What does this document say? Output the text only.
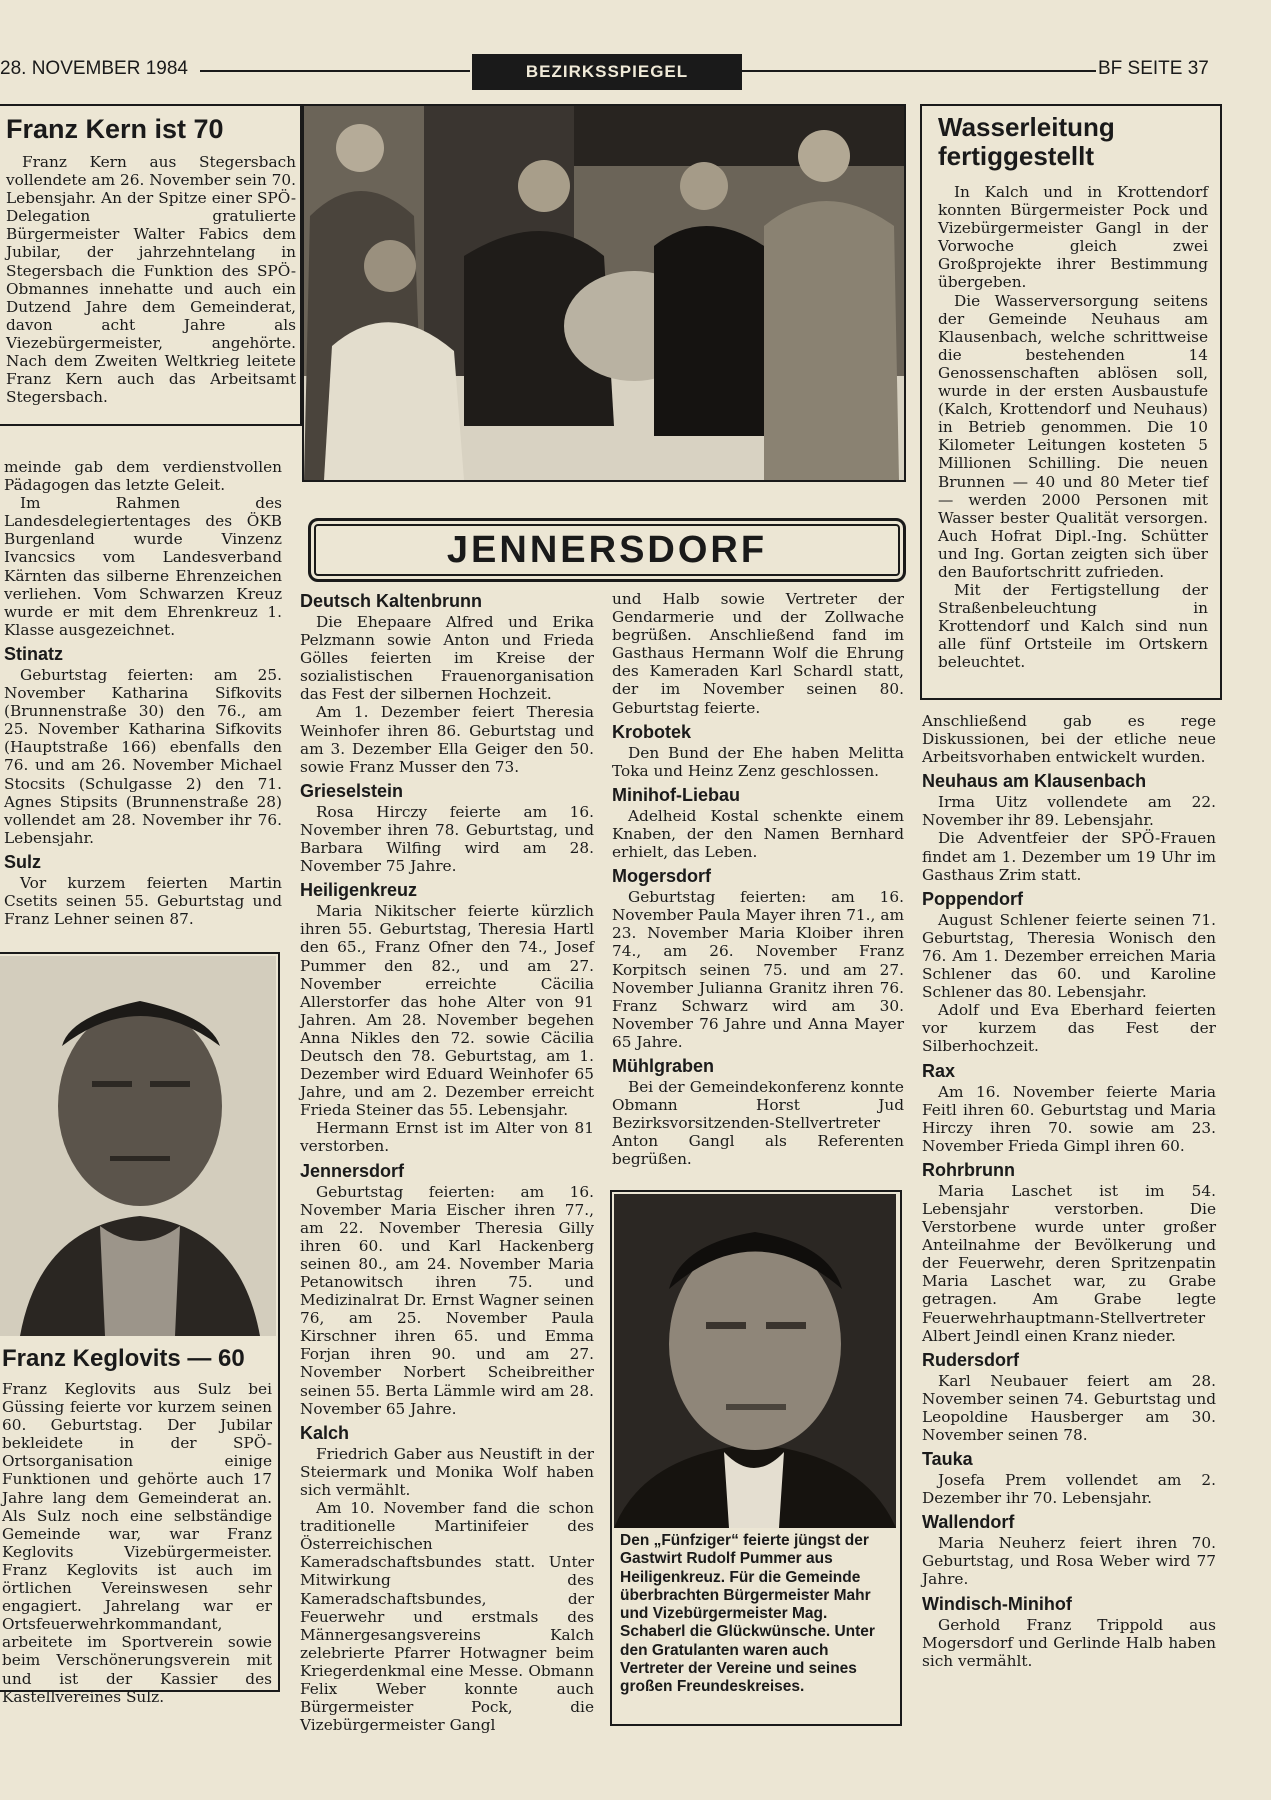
28. NOVEMBER 1984	BEZIRKSSPIEGEL	BF SEITE 37
Franz Kern ist 70

Franz Kern aus Stegersbach vollendete am 26. November sein 70. Lebensjahr. An der Spitze einer SPÖ-Delegation gratulierte Bürgermeister Walter Fabics dem Jubilar, der jahrzehntelang in Stegersbach die Funktion des SPÖ-Obmannes innehatte und auch ein Dutzend Jahre dem Gemeinderat, davon acht Jahre als Viezebürgermeister, angehörte. Nach dem Zweiten Weltkrieg leitete Franz Kern auch das Arbeitsamt Stegersbach.

Wasserleitung fertiggestellt

In Kalch und in Krottendorf konnten Bürgermeister Pock und Vizebürgermeister Gangl in der Vorwoche gleich zwei Großprojekte ihrer Bestimmung übergeben.

Die Wasserversorgung seitens der Gemeinde Neuhaus am Klausenbach, welche schrittweise die bestehenden 14 Genossenschaften ablösen soll, wurde in der ersten Ausbaustufe (Kalch, Krottendorf und Neuhaus) in Betrieb genommen. Die 10 Kilometer Leitungen kosteten 5 Millionen Schilling. Die neuen Brunnen — 40 und 80 Meter tief — werden 2000 Personen mit Wasser bester Qualität versorgen. Auch Hofrat Dipl.-Ing. Schütter und Ing. Gortan zeigten sich über den Baufortschritt zufrieden.

Mit der Fertigstellung der Straßenbeleuchtung in Krottendorf und Kalch sind nun alle fünf Ortsteile im Ortskern beleuchtet.

meinde gab dem verdienstvollen Pädagogen das letzte Geleit.

Im Rahmen des Landesdelegiertentages des ÖKB Burgenland wurde Vinzenz Ivancsics vom Landesverband Kärnten das silberne Ehrenzeichen verliehen. Vom Schwarzen Kreuz wurde er mit dem Ehrenkreuz 1. Klasse ausgezeichnet.

Stinatz

Geburtstag feierten: am 25. November Katharina Sifkovits (Brunnenstraße 30) den 76., am 25. November Katharina Sifkovits (Hauptstraße 166) ebenfalls den 76. und am 26. November Michael Stocsits (Schulgasse 2) den 71. Agnes Stipsits (Brunnenstraße 28) vollendet am 28. November ihr 76. Lebensjahr.

Sulz

Vor kurzem feierten Martin Csetits seinen 55. Geburtstag und Franz Lehner seinen 87.

Franz Keglovits — 60

Franz Keglovits aus Sulz bei Güssing feierte vor kurzem seinen 60. Geburtstag. Der Jubilar bekleidete in der SPÖ-Ortsorganisation einige Funktionen und gehörte auch 17 Jahre lang dem Gemeinderat an. Als Sulz noch eine selbständige Gemeinde war, war Franz Keglovits Vizebürgermeister. Franz Keglovits ist auch im örtlichen Vereinswesen sehr engagiert. Jahrelang war er Ortsfeuerwehrkommandant, arbeitete im Sportverein sowie beim Verschönerungsverein mit und ist der Kassier des Kastellvereines Sulz.

JENNERSDORF
Deutsch Kaltenbrunn

Die Ehepaare Alfred und Erika Pelzmann sowie Anton und Frieda Gölles feierten im Kreise der sozialistischen Frauenorganisation das Fest der silbernen Hochzeit.

Am 1. Dezember feiert Theresia Weinhofer ihren 86. Geburtstag und am 3. Dezember Ella Geiger den 50. sowie Franz Musser den 73.

Grieselstein

Rosa Hirczy feierte am 16. November ihren 78. Geburtstag, und Barbara Wilfing wird am 28. November 75 Jahre.

Heiligenkreuz

Maria Nikitscher feierte kürzlich ihren 55. Geburtstag, Theresia Hartl den 65., Franz Ofner den 74., Josef Pummer den 82., und am 27. November erreichte Cäcilia Allerstorfer das hohe Alter von 91 Jahren. Am 28. November begehen Anna Nikles den 72. sowie Cäcilia Deutsch den 78. Geburtstag, am 1. Dezember wird Eduard Weinhofer 65 Jahre, und am 2. Dezember erreicht Frieda Steiner das 55. Lebensjahr.

Hermann Ernst ist im Alter von 81 verstorben.

Jennersdorf

Geburtstag feierten: am 16. November Maria Eischer ihren 77., am 22. November Theresia Gilly ihren 60. und Karl Hackenberg seinen 80., am 24. November Maria Petanowitsch ihren 75. und Medizinalrat Dr. Ernst Wagner seinen 76, am 25. November Paula Kirschner ihren 65. und Emma Forjan ihren 90. und am 27. November Norbert Scheibreither seinen 55. Berta Lämmle wird am 28. November 65 Jahre.

Kalch

Friedrich Gaber aus Neustift in der Steiermark und Monika Wolf haben sich vermählt.

Am 10. November fand die schon traditionelle Martinifeier des Österreichischen Kameradschaftsbundes statt. Unter Mitwirkung des Kameradschaftsbundes, der Feuerwehr und erstmals des Männergesangsvereins Kalch zelebrierte Pfarrer Hotwagner beim Kriegerdenkmal eine Messe. Obmann Felix Weber konnte auch Bürgermeister Pock, die Vizebürgermeister Gangl

und Halb sowie Vertreter der Gendarmerie und der Zollwache begrüßen. Anschließend fand im Gasthaus Hermann Wolf die Ehrung des Kameraden Karl Schardl statt, der im November seinen 80. Geburtstag feierte.

Krobotek

Den Bund der Ehe haben Melitta Toka und Heinz Zenz geschlossen.

Minihof-Liebau

Adelheid Kostal schenkte einem Knaben, der den Namen Bernhard erhielt, das Leben.

Mogersdorf

Geburtstag feierten: am 16. November Paula Mayer ihren 71., am 23. November Maria Kloiber ihren 74., am 26. November Franz Korpitsch seinen 75. und am 27. November Julianna Granitz ihren 76. Franz Schwarz wird am 30. November 76 Jahre und Anna Mayer 65 Jahre.

Mühlgraben

Bei der Gemeindekonferenz konnte Obmann Horst Jud Bezirksvorsitzenden-Stellvertreter Anton Gangl als Referenten begrüßen.

Den „Fünfziger“ feierte jüngst der Gastwirt Rudolf Pummer aus Heiligenkreuz. Für die Gemeinde überbrachten Bürgermeister Mahr und Vizebürgermeister Mag. Schaberl die Glückwünsche. Unter den Gratulanten waren auch Vertreter der Vereine und seines großen Freundeskreises.

Anschließend gab es rege Diskussionen, bei der etliche neue Arbeitsvorhaben entwickelt wurden.

Neuhaus am Klausenbach

Irma Uitz vollendete am 22. November ihr 89. Lebensjahr.

Die Adventfeier der SPÖ-Frauen findet am 1. Dezember um 19 Uhr im Gasthaus Zrim statt.

Poppendorf

August Schlener feierte seinen 71. Geburtstag, Theresia Wonisch den 76. Am 1. Dezember erreichen Maria Schlener das 60. und Karoline Schlener das 80. Lebensjahr.

Adolf und Eva Eberhard feierten vor kurzem das Fest der Silberhochzeit.

Rax

Am 16. November feierte Maria Feitl ihren 60. Geburtstag und Maria Hirczy ihren 70. sowie am 23. November Frieda Gimpl ihren 60.

Rohrbrunn

Maria Laschet ist im 54. Lebensjahr verstorben. Die Verstorbene wurde unter großer Anteilnahme der Bevölkerung und der Feuerwehr, deren Spritzenpatin Maria Laschet war, zu Grabe getragen. Am Grabe legte Feuerwehrhauptmann-Stellvertreter Albert Jeindl einen Kranz nieder.

Rudersdorf

Karl Neubauer feiert am 28. November seinen 74. Geburtstag und Leopoldine Hausberger am 30. November seinen 78.

Tauka

Josefa Prem vollendet am 2. Dezember ihr 70. Lebensjahr.

Wallendorf

Maria Neuherz feiert ihren 70. Geburtstag, und Rosa Weber wird 77 Jahre.

Windisch-Minihof

Gerhold Franz Trippold aus Mogersdorf und Gerlinde Halb haben sich vermählt.
